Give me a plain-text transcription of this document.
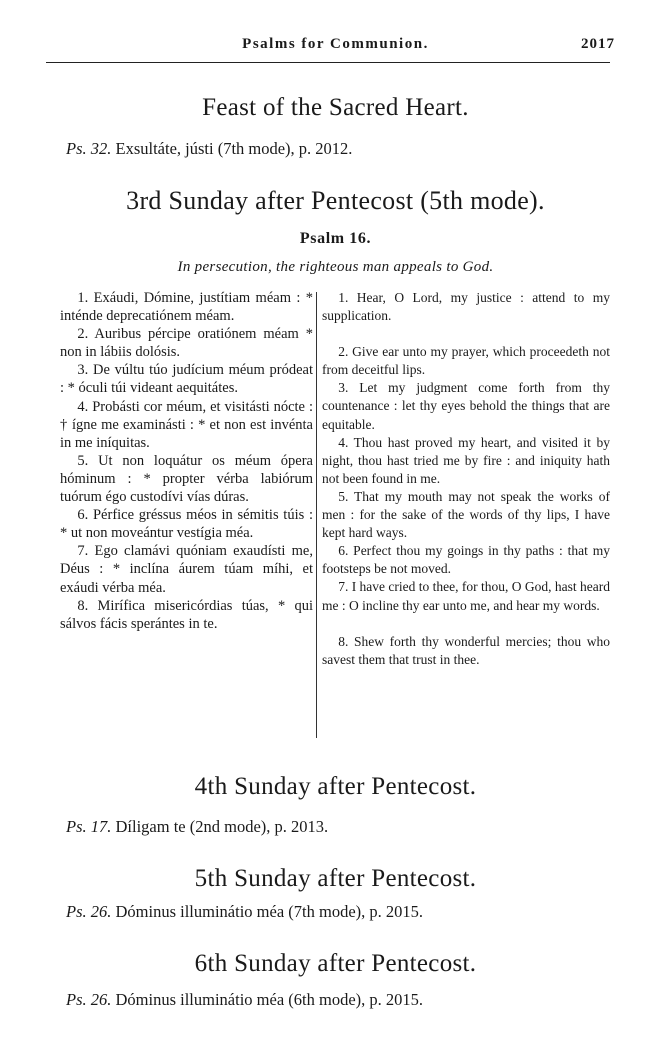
Psalms for Communion.	2017
Feast of the Sacred Heart.
Ps. 32. Exsultáte, jústi (7th mode), p. 2012.
3rd Sunday after Pentecost (5th mode).
Psalm 16.
In persecution, the righteous man appeals to God.

1. Exáudi, Dómine, justítiam méam : * inténde deprecatiónem méam.

2. Auribus pércipe oratiónem méam * non in lábiis dolósis.

3. De vúltu túo judícium méum pródeat : * óculi túi videant aequitátes.

4. Probásti cor méum, et visitásti nócte : † ígne me examinásti : * et non est invénta in me iníquitas.

5. Ut non loquátur os méum ópera hóminum : * propter vérba labiórum tuórum égo custodívi vías dúras.

6. Pérfice gréssus méos in sémitis túis : * ut non moveántur vestígia méa.

7. Ego clamávi quóniam exaudísti me, Déus : * inclína áurem túam míhi, et exáudi vérba méa.

8. Mirífica misericórdias túas, * qui sálvos fácis sperántes in te.

1. Hear, O Lord, my justice : attend to my supplication.

2. Give ear unto my prayer, which proceedeth not from deceitful lips.

3. Let my judgment come forth from thy countenance : let thy eyes behold the things that are equitable.

4. Thou hast proved my heart, and visited it by night, thou hast tried me by fire : and iniquity hath not been found in me.

5. That my mouth may not speak the works of men : for the sake of the words of thy lips, I have kept hard ways.

6. Perfect thou my goings in thy paths : that my footsteps be not moved.

7. I have cried to thee, for thou, O God, hast heard me : O incline thy ear unto me, and hear my words.

8. Shew forth thy wonderful mercies; thou who savest them that trust in thee.

4th Sunday after Pentecost.
Ps. 17. Díligam te (2nd mode), p. 2013.
5th Sunday after Pentecost.
Ps. 26. Dóminus illuminátio méa (7th mode), p. 2015.
6th Sunday after Pentecost.
Ps. 26. Dóminus illuminátio méa (6th mode), p. 2015.
